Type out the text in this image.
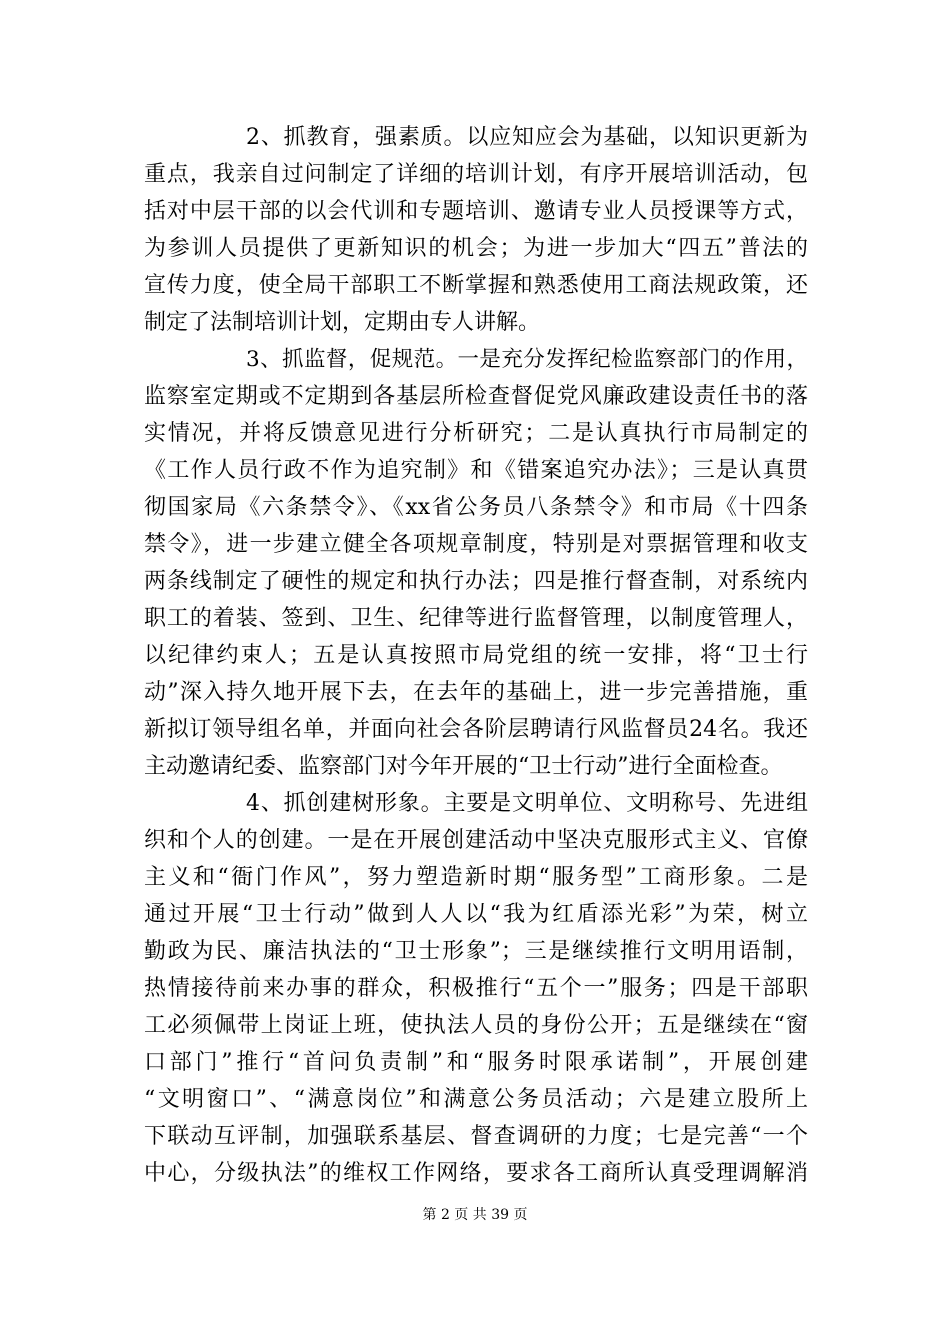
2、抓教育，强素质。以应知应会为基础，以知识更新为
重点，我亲自过问制定了详细的培训计划，有序开展培训活动，包
括对中层干部的以会代训和专题培训、邀请专业人员授课等方式，
为参训人员提供了更新知识的机会；为进一步加大“四五”普法的
宣传力度，使全局干部职工不断掌握和熟悉使用工商法规政策，还
制定了法制培训计划，定期由专人讲解。
3、抓监督，促规范。一是充分发挥纪检监察部门的作用，
监察室定期或不定期到各基层所检查督促党风廉政建设责任书的落
实情况，并将反馈意见进行分析研究；二是认真执行市局制定的
《工作人员行政不作为追究制》和《错案追究办法》；三是认真贯
彻国家局《六条禁令》、《xx省公务员八条禁令》和市局《十四条
禁令》，进一步建立健全各项规章制度，特别是对票据管理和收支
两条线制定了硬性的规定和执行办法；四是推行督查制，对系统内
职工的着装、签到、卫生、纪律等进行监督管理，以制度管理人，
以纪律约束人；五是认真按照市局党组的统一安排，将“卫士行
动”深入持久地开展下去，在去年的基础上，进一步完善措施，重
新拟订领导组名单，并面向社会各阶层聘请行风监督员24名。我还
主动邀请纪委、监察部门对今年开展的“卫士行动”进行全面检查。
4、抓创建树形象。主要是文明单位、文明称号、先进组
织和个人的创建。一是在开展创建活动中坚决克服形式主义、官僚
主义和“衙门作风”，努力塑造新时期“服务型”工商形象。二是
通过开展“卫士行动”做到人人以“我为红盾添光彩”为荣，树立
勤政为民、廉洁执法的“卫士形象”；三是继续推行文明用语制，
热情接待前来办事的群众，积极推行“五个一”服务；四是干部职
工必须佩带上岗证上班，使执法人员的身份公开；五是继续在“窗
口部门”推行“首问负责制”和“服务时限承诺制”，开展创建
“文明窗口”、“满意岗位”和满意公务员活动；六是建立股所上
下联动互评制，加强联系基层、督查调研的力度；七是完善“一个
中心，分级执法”的维权工作网络，要求各工商所认真受理调解消
第 2 页 共 39 页
